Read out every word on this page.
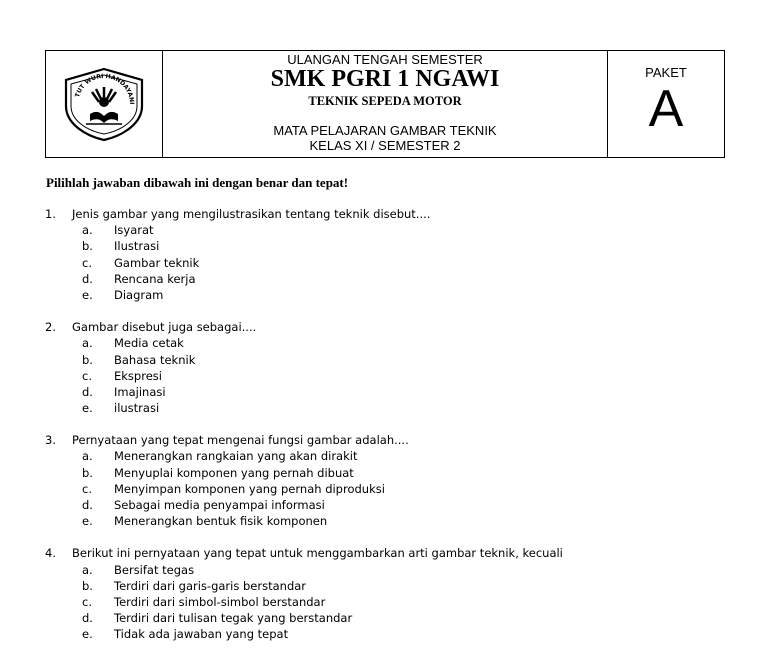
TUT WURI HANDAYANI
ULANGAN TENGAH SEMESTER
SMK PGRI 1 NGAWI
TEKNIK SEPEDA MOTOR
MATA PELAJARAN GAMBAR TEKNIK
KELAS XI / SEMESTER 2
PAKET
A
Pilihlah jawaban dibawah ini dengan benar dan tepat!
1. Jenis gambar yang mengilustrasikan tentang teknik disebut....
a. Isyarat
b. Ilustrasi
c. Gambar teknik
d. Rencana kerja
e. Diagram
2. Gambar disebut juga sebagai....
a. Media cetak
b. Bahasa teknik
c. Ekspresi
d. Imajinasi
e. ilustrasi
3. Pernyataan yang tepat mengenai fungsi gambar adalah....
a. Menerangkan rangkaian yang akan dirakit
b. Menyuplai komponen yang pernah dibuat
c. Menyimpan komponen yang pernah diproduksi
d. Sebagai media penyampai informasi
e. Menerangkan bentuk fisik komponen
4. Berikut ini pernyataan yang tepat untuk menggambarkan arti gambar teknik, kecuali
a. Bersifat tegas
b. Terdiri dari garis-garis berstandar
c. Terdiri dari simbol-simbol berstandar
d. Terdiri dari tulisan tegak yang berstandar
e. Tidak ada jawaban yang tepat
